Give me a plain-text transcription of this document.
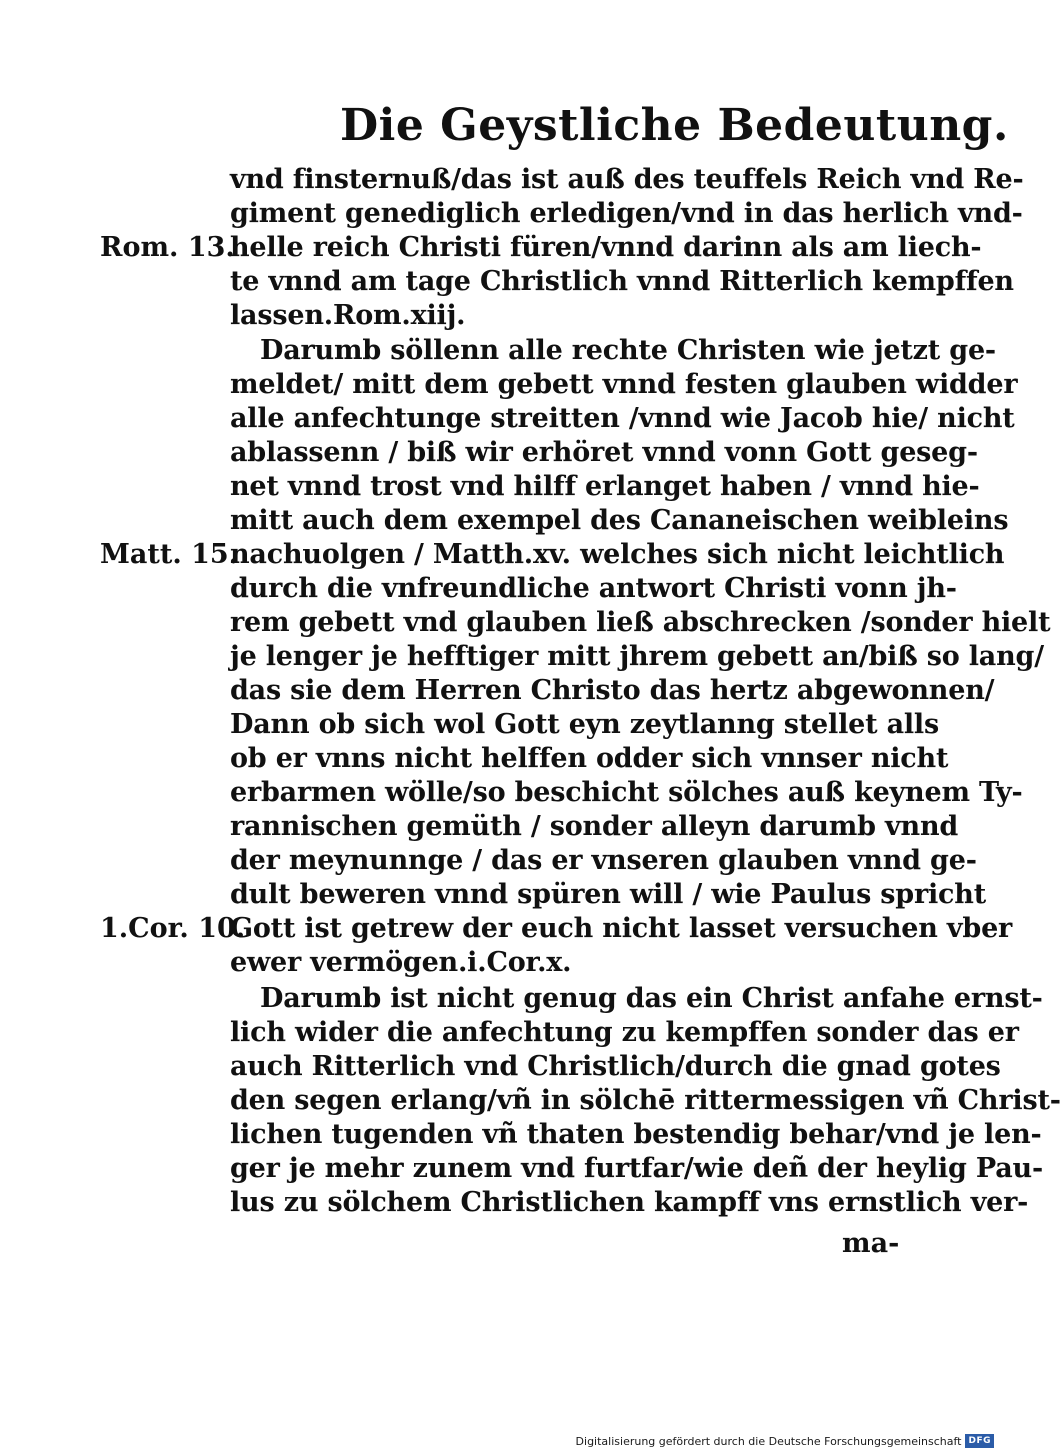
Die Geystliche Bedeutung.
vnd finsternuß/das ist auß des teuffels Reich vnd Re-
giment genediglich erledigen/vnd in das herlich vnd-
helle reich Christi füren/vnnd darinn als am liech-
te vnnd am tage Christlich vnnd Ritterlich kempffen
lassen.Rom.xiij.
Darumb söllenn alle rechte Christen wie jetzt ge-
meldet/ mitt dem gebett vnnd festen glauben widder
alle anfechtunge streitten /vnnd wie Jacob hie/ nicht
ablassenn / biß wir erhöret vnnd vonn Gott geseg-
net vnnd trost vnd hilff erlanget haben / vnnd hie-
mitt auch dem exempel des Cananeischen weibleins
nachuolgen / Matth.xv. welches sich nicht leichtlich
durch die vnfreundliche antwort Christi vonn jh-
rem gebett vnd glauben ließ abschrecken /sonder hielt
je lenger je hefftiger mitt jhrem gebett an/biß so lang/
das sie dem Herren Christo das hertz abgewonnen/
Dann ob sich wol Gott eyn zeytlanng stellet alls
ob er vnns nicht helffen odder sich vnnser nicht
erbarmen wölle/so beschicht sölches auß keynem Ty-
rannischen gemüth / sonder alleyn darumb vnnd
der meynunnge / das er vnseren glauben vnnd ge-
dult beweren vnnd spüren will / wie Paulus spricht
Gott ist getrew der euch nicht lasset versuchen vber
ewer vermögen.i.Cor.x.
Darumb ist nicht genug das ein Christ anfahe ernst-
lich wider die anfechtung zu kempffen sonder das er
auch Ritterlich vnd Christlich/durch die gnad gotes
den segen erlang/vñ in sölchē rittermessigen vñ Christ-
lichen tugenden vñ thaten bestendig behar/vnd je len-
ger je mehr zunem vnd furtfar/wie deñ der heylig Pau-
lus zu sölchem Christlichen kampff vns ernstlich ver-
Rom. 13.
Matt. 15.
1.Cor. 10.
ma-
Digitalisierung gefördert durch die Deutsche Forschungsgemeinschaft DFG
